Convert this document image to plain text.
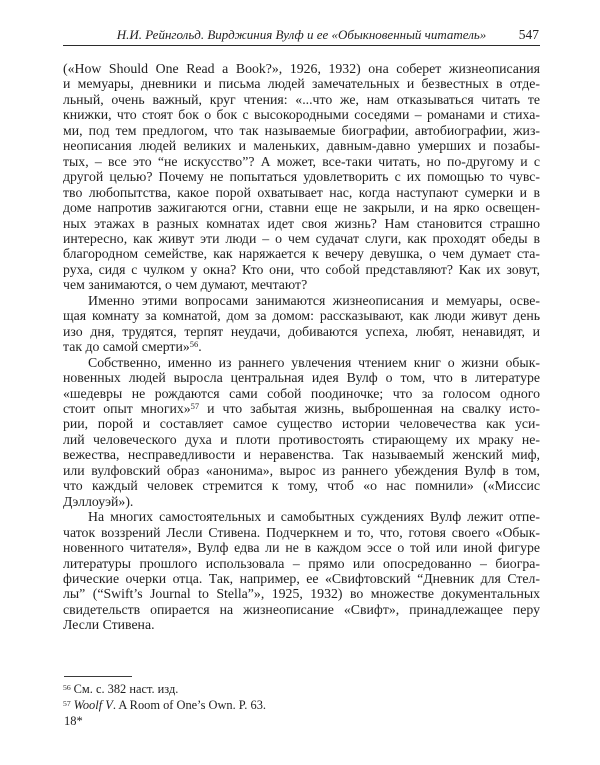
Н.И. Рейнгольд. Вирджиния Вулф и ее «Обыкновенный читатель»	547
(«How Should One Read a Book?», 1926, 1932) она соберет жизнеописания
и мемуары, дневники и письма людей замечательных и безвестных в отде-
льный, очень важный, круг чтения: «...что же, нам отказываться читать те
книжки, что стоят бок о бок с высокородными соседями – романами и стиха-
ми, под тем предлогом, что так называемые биографии, автобиографии, жиз-
неописания людей великих и маленьких, давным-давно умерших и позабы-
тых, – все это “не искусство”? А может, все-таки читать, но по-другому и с
другой целью? Почему не попытаться удовлетворить с их помощью то чувс-
тво любопытства, какое порой охватывает нас, когда наступают сумерки и в
доме напротив зажигаются огни, ставни еще не закрыли, и на ярко освещен-
ных этажах в разных комнатах идет своя жизнь? Нам становится страшно
интересно, как живут эти люди – о чем судачат слуги, как проходят обеды в
благородном семействе, как наряжается к вечеру девушка, о чем думает ста-
руха, сидя с чулком у окна? Кто они, что собой представляют? Как их зовут,
чем занимаются, о чем думают, мечтают?
Именно этими вопросами занимаются жизнеописания и мемуары, осве-
щая комнату за комнатой, дом за домом: рассказывают, как люди живут день
изо дня, трудятся, терпят неудачи, добиваются успеха, любят, ненавидят, и
так до самой смерти»$^{56}$.
Собственно, именно из раннего увлечения чтением книг о жизни обык-
новенных людей выросла центральная идея Вулф о том, что в литературе
«шедевры не рождаются сами собой поодиночке; что за голосом одного
стоит опыт многих»$^{57}$ и что забытая жизнь, выброшенная на свалку исто-
рии, порой и составляет самое существо истории человечества как уси-
лий человеческого духа и плоти противостоять стирающему их мраку не-
вежества, несправедливости и неравенства. Так называемый женский миф,
или вулфовский образ «анонима», вырос из раннего убеждения Вулф в том,
что каждый человек стремится к тому, чтоб «о нас помнили» («Миссис
Дэллоуэй»).
На многих самостоятельных и самобытных суждениях Вулф лежит отпе-
чаток воззрений Лесли Стивена. Подчеркнем и то, что, готовя своего «Обык-
новенного читателя», Вулф едва ли не в каждом эссе о той или иной фигуре
литературы прошлого использовала – прямо или опосредованно – биогра-
фические очерки отца. Так, например, ее «Свифтовский “Дневник для Стел-
лы” (“Swift’s Journal to Stella”», 1925, 1932) во множестве документальных
свидетельств опирается на жизнеописание «Свифт», принадлежащее перу
Лесли Стивена.
$^{56}$ См. с. 382 наст. изд.
$^{57}$ Woolf V. A Room of One’s Own. P. 63.
18*
